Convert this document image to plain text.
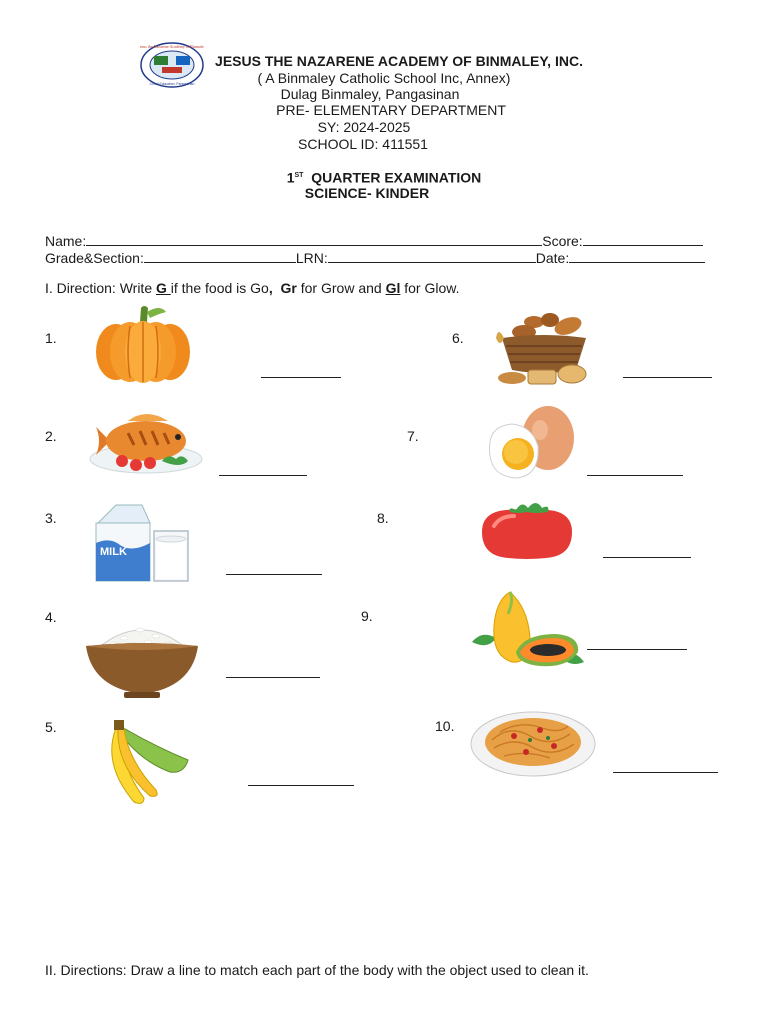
Jesus the Nazarene Academy of Binmaley
Christ Education, Pangasinan
JESUS THE NAZARENE ACADEMY OF BINMALEY, INC.
( A Binmaley Catholic School Inc, Annex)
Dulag Binmaley, Pangasinan
PRE- ELEMENTARY DEPARTMENT
SY: 2024-2025
SCHOOL ID: 411551
1ST  QUARTER EXAMINATION
SCIENCE- KINDER
Name:	Score:
Grade&Section:	LRN:	Date:
I. Direction: Write G if the food is Go, Gr for Grow and Gl for Glow.
1.
2.
3.
4.
5.
6.
7.
8.
9.
10.
MILK
II. Directions: Draw a line to match each part of the body with the object used to clean it.
